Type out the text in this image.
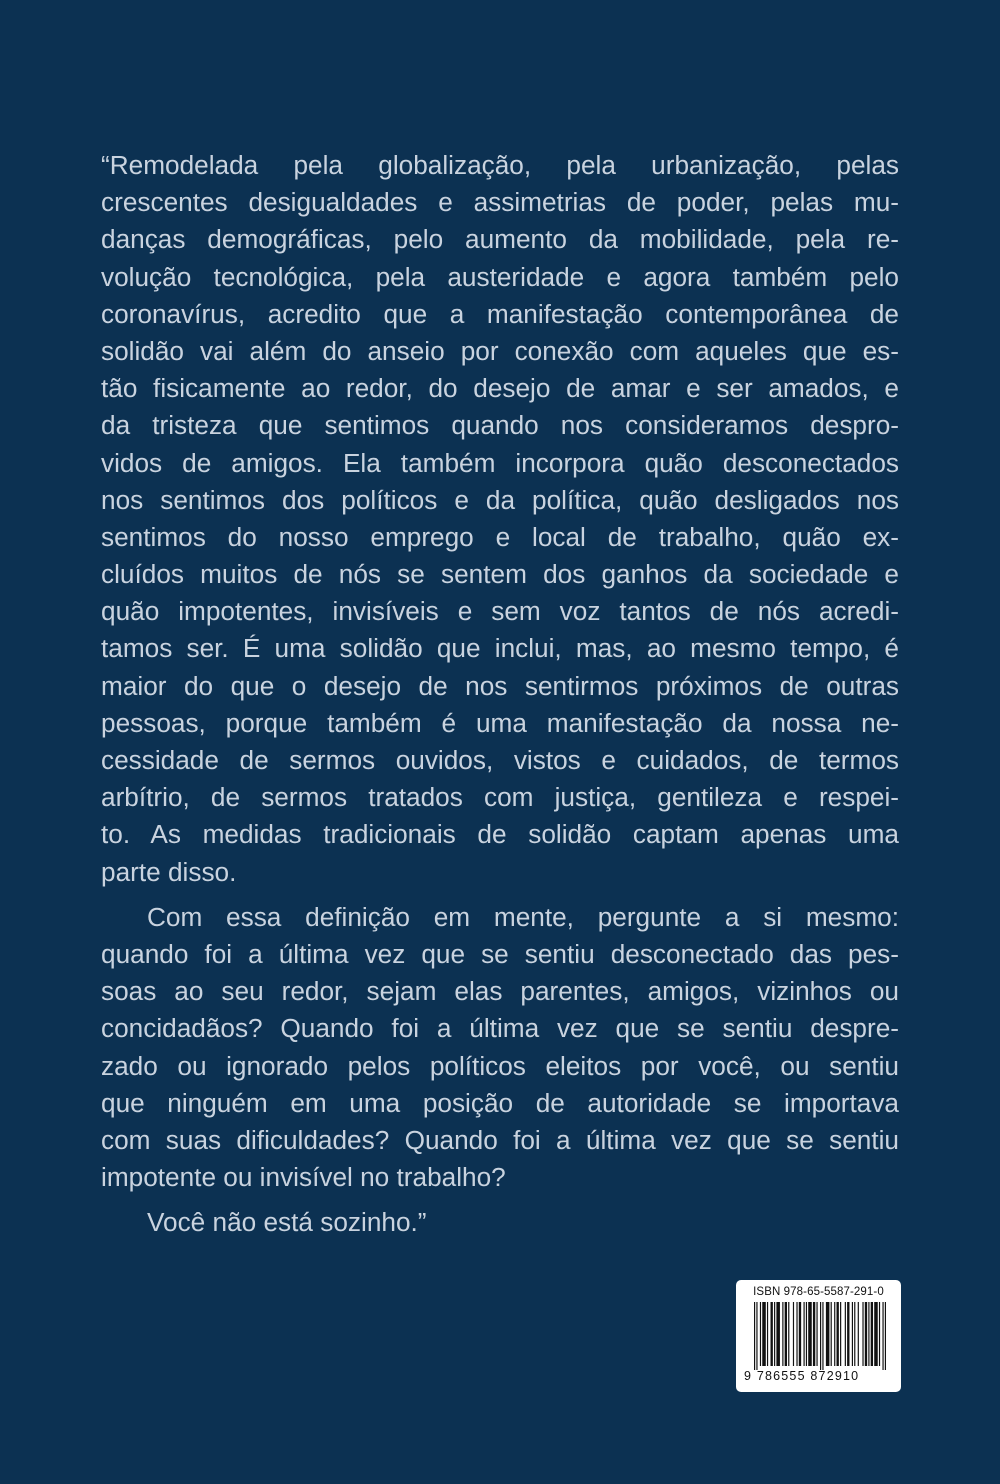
“Remodelada pela globalização, pela urbanização, pelas
crescentes desigualdades e assimetrias de poder, pelas mu-
danças demográficas, pelo aumento da mobilidade, pela re-
volução tecnológica, pela austeridade e agora também pelo
coronavírus, acredito que a manifestação contemporânea de
solidão vai além do anseio por conexão com aqueles que es-
tão fisicamente ao redor, do desejo de amar e ser amados, e
da tristeza que sentimos quando nos consideramos despro-
vidos de amigos. Ela também incorpora quão desconectados
nos sentimos dos políticos e da política, quão desligados nos
sentimos do nosso emprego e local de trabalho, quão ex-
cluídos muitos de nós se sentem dos ganhos da sociedade e
quão impotentes, invisíveis e sem voz tantos de nós acredi-
tamos ser. É uma solidão que inclui, mas, ao mesmo tempo, é
maior do que o desejo de nos sentirmos próximos de outras
pessoas, porque também é uma manifestação da nossa ne-
cessidade de sermos ouvidos, vistos e cuidados, de termos
arbítrio, de sermos tratados com justiça, gentileza e respei-
to. As medidas tradicionais de solidão captam apenas uma
parte disso.
Com essa definição em mente, pergunte a si mesmo:
quando foi a última vez que se sentiu desconectado das pes-
soas ao seu redor, sejam elas parentes, amigos, vizinhos ou
concidadãos? Quando foi a última vez que se sentiu despre-
zado ou ignorado pelos políticos eleitos por você, ou sentiu
que ninguém em uma posição de autoridade se importava
com suas dificuldades? Quando foi a última vez que se sentiu
impotente ou invisível no trabalho?
Você não está sozinho.”
ISBN 978-65-5587-291-0
9 786555 872910
